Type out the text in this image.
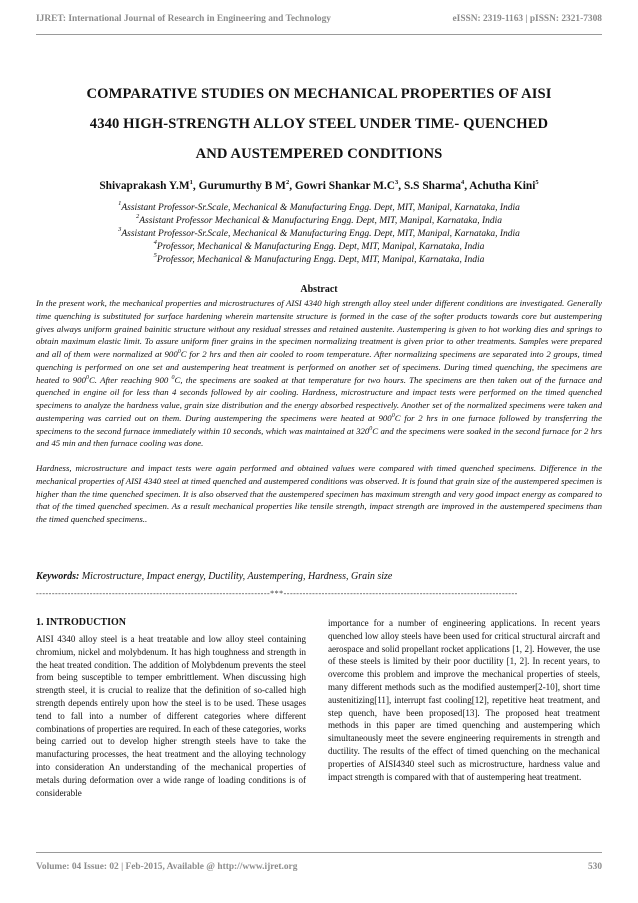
IJRET: International Journal of Research in Engineering and Technology	eISSN: 2319-1163 | pISSN: 2321-7308
COMPARATIVE STUDIES ON MECHANICAL PROPERTIES OF AISI
4340 HIGH-STRENGTH ALLOY STEEL UNDER TIME- QUENCHED
AND AUSTEMPERED CONDITIONS
Shivaprakash $Y.M^1$, Gurumurthy B $M^2$, Gowri Shankar $M.C^3$, S.S Sharma$^4$, Achutha Kini$^5$
$^1$Assistant Professor-Sr.Scale, Mechanical & Manufacturing Engg. Dept, MIT, Manipal, Karnataka, India
$^2$Assistant Professor Mechanical & Manufacturing Engg. Dept, MIT, Manipal, Karnataka, India
$^3$Assistant Professor-Sr.Scale, Mechanical & Manufacturing Engg. Dept, MIT, Manipal, Karnataka, India
$^4$Professor, Mechanical & Manufacturing Engg. Dept, MIT, Manipal, Karnataka, India
$^5$Professor, Mechanical & Manufacturing Engg. Dept, MIT, Manipal, Karnataka, India
Abstract

In the present work, the mechanical properties and microstructures of AISI 4340 high strength alloy steel under different conditions are investigated. Generally time quenching is substituted for surface hardening wherein martensite structure is formed in the case of the softer products towards core but austempering gives always uniform grained bainitic structure without any residual stresses and retained austenite. Austempering is given to hot working dies and springs to obtain maximum elastic limit. To assure uniform finer grains in the specimen normalizing treatment is given prior to other treatments. Samples were prepared and all of them were normalized at $900^0C$ for 2 hrs and then air cooled to room temperature. After normalizing specimens are separated into 2 groups, timed quenching is performed on one set and austempering heat treatment is performed on another set of specimens. During timed quenching, the specimens are heated to $900^0C$. After reaching 900 $^0$C, the specimens are soaked at that temperature for two hours. The specimens are then taken out of the furnace and quenched in engine oil for less than 4 seconds followed by air cooling. Hardness, microstructure and impact tests were performed on the timed quenched specimens to analyze the hardness value, grain size distribution and the energy absorbed respectively. Another set of the normalized specimens were taken and austempering was carried out on them. During austempering the specimens were heated at $900^0C$ for 2 hrs in one furnace followed by transferring the specimens to the second furnace immediately within 10 seconds, which was maintained at $320^0C$ and the specimens were soaked in the second furnace for 2 hrs and 45 min and then furnace cooling was done.

Hardness, microstructure and impact tests were again performed and obtained values were compared with timed quenched specimens. Difference in the mechanical properties of AISI 4340 steel at timed quenched and austempered conditions was observed. It is found that grain size of the austempered specimen is higher than the time quenched specimen. It is also observed that the austempered specimen has maximum strength and very good impact energy as compared to that of the timed quenched specimen. As a result mechanical properties like tensile strength, impact strength are improved in the austempered specimens than the timed quenched specimens..

Keywords: Microstructure, Impact energy, Ductility, Austempering, Hardness, Grain size
--------------------------------------------------------------------------***--------------------------------------------------------------------------

1. INTRODUCTION

AISI 4340 alloy steel is a heat treatable and low alloy steel containing chromium, nickel and molybdenum. It has high toughness and strength in the heat treated condition. The addition of Molybdenum prevents the steel from being susceptible to temper embrittlement. When discussing high strength steel, it is crucial to realize that the definition of so-called high strength depends entirely upon how the steel is to be used. These usages tend to fall into a number of different categories where different combinations of properties are required. In each of these categories, works being carried out to develop higher strength steels have to take the manufacturing processes, the heat treatment and the alloying technology into consideration An understanding of the mechanical properties of metals during deformation over a wide range of loading conditions is of considerable

importance for a number of engineering applications. In recent years quenched low alloy steels have been used for critical structural aircraft and aerospace and solid propellant rocket applications [1, 2]. However, the use of these steels is limited by their poor ductility [1, 2]. In recent years, to overcome this problem and improve the mechanical properties of steels, many different methods such as the modified austemper[2-10], short time austenitizing[11], interrupt fast cooling[12], repetitive heat treatment, and step quench, have been proposed[13]. The proposed heat treatment methods in this paper are timed quenching and austempering which simultaneously meet the severe engineering requirements in strength and ductility. The results of the effect of timed quenching on the mechanical properties of AISI4340 steel such as microstructure, hardness value and impact strength is compared with that of austempering heat treatment.

Volume: 04 Issue: 02 | Feb-2015, Available @ http://www.ijret.org	530
